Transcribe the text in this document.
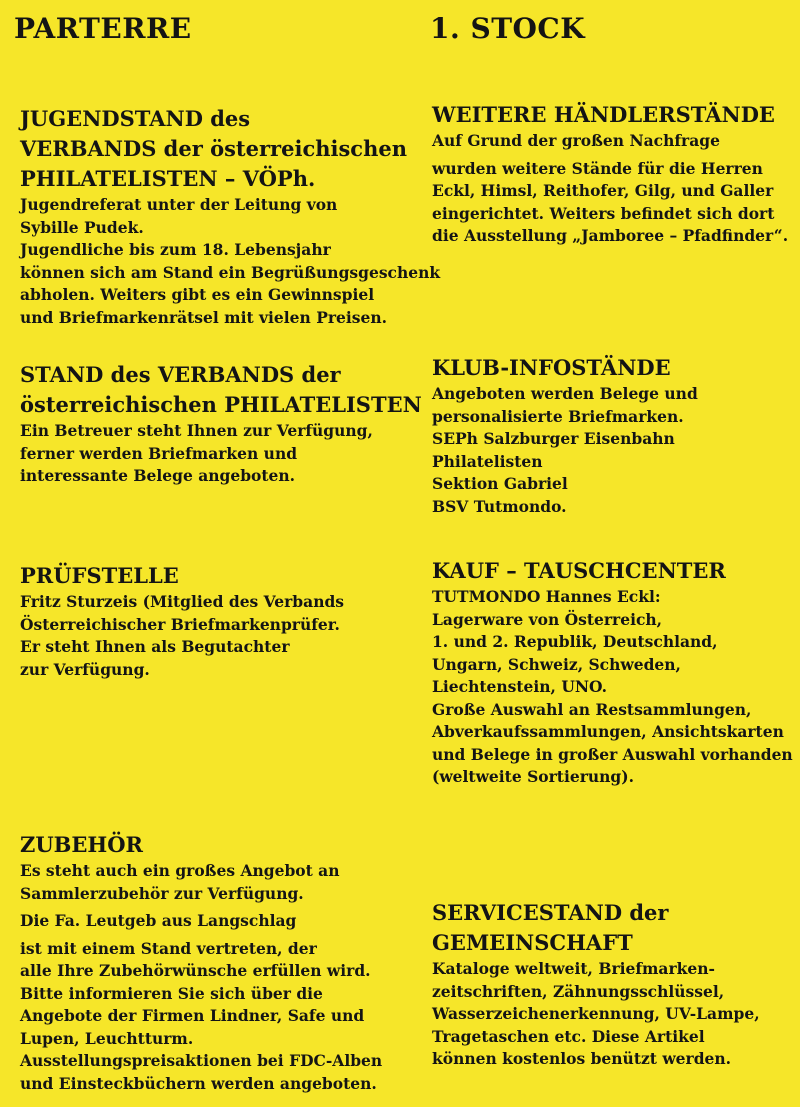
PARTERRE	1. STOCK
JUGENDSTAND des
VERBANDS der österreichischen
PHILATELISTEN – VÖPh.

Jugendreferat unter der Leitung von

Sybille Pudek.

Jugendliche bis zum 18. Lebensjahr

können sich am Stand ein Begrüßungsgeschenk

abholen. Weiters gibt es ein Gewinnspiel

und Briefmarkenrätsel mit vielen Preisen.

STAND des VERBANDS der
österreichischen PHILATELISTEN

Ein Betreuer steht Ihnen zur Verfügung,

ferner werden Briefmarken und

interessante Belege angeboten.

PRÜFSTELLE

Fritz Sturzeis (Mitglied des Verbands

Österreichischer Briefmarkenprüfer.

Er steht Ihnen als Begutachter

zur Verfügung.

ZUBEHÖR

Es steht auch ein großes Angebot an

Sammlerzubehör zur Verfügung.

Die Fa. Leutgeb aus Langschlag

ist mit einem Stand vertreten, der

alle Ihre Zubehörwünsche erfüllen wird.

Bitte informieren Sie sich über die

Angebote der Firmen Lindner, Safe und

Lupen, Leuchtturm.

Ausstellungspreisaktionen bei FDC-Alben

und Einsteckbüchern werden angeboten.

WEITERE HÄNDLERSTÄNDE

Auf Grund der großen Nachfrage

wurden weitere Stände für die Herren

Eckl, Himsl, Reithofer, Gilg, und Galler

eingerichtet. Weiters befindet sich dort

die Ausstellung „Jamboree – Pfadfinder“.

KLUB-INFOSTÄNDE

Angeboten werden Belege und

personalisierte Briefmarken.

SEPh Salzburger Eisenbahn

Philatelisten

Sektion Gabriel

BSV Tutmondo.

KAUF – TAUSCHCENTER

TUTMONDO Hannes Eckl:

Lagerware von Österreich,

1. und 2. Republik, Deutschland,

Ungarn, Schweiz, Schweden,

Liechtenstein, UNO.

Große Auswahl an Restsammlungen,

Abverkaufssammlungen, Ansichtskarten

und Belege in großer Auswahl vorhanden

(weltweite Sortierung).

SERVICESTAND der
GEMEINSCHAFT

Kataloge weltweit, Briefmarken-

zeitschriften, Zähnungsschlüssel,

Wasserzeichenerkennung, UV-Lampe,

Tragetaschen etc. Diese Artikel

können kostenlos benützt werden.
